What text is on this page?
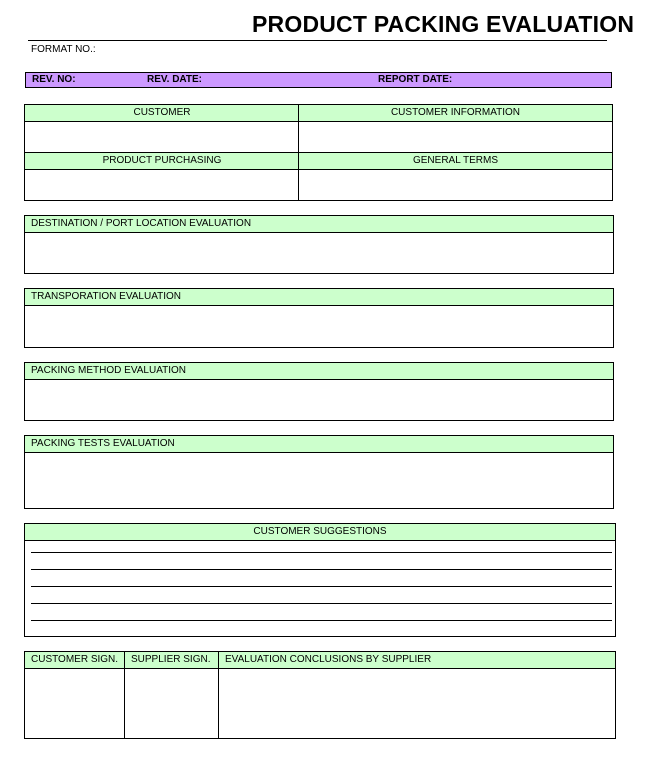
PRODUCT PACKING EVALUATION
FORMAT NO.:
REV. NO:	REV. DATE:	REPORT DATE:
CUSTOMER	CUSTOMER INFORMATION
PRODUCT PURCHASING	GENERAL TERMS
DESTINATION / PORT LOCATION EVALUATION
TRANSPORATION EVALUATION
PACKING METHOD EVALUATION
PACKING TESTS EVALUATION
CUSTOMER SUGGESTIONS
CUSTOMER SIGN.	SUPPLIER SIGN.	EVALUATION CONCLUSIONS BY SUPPLIER
